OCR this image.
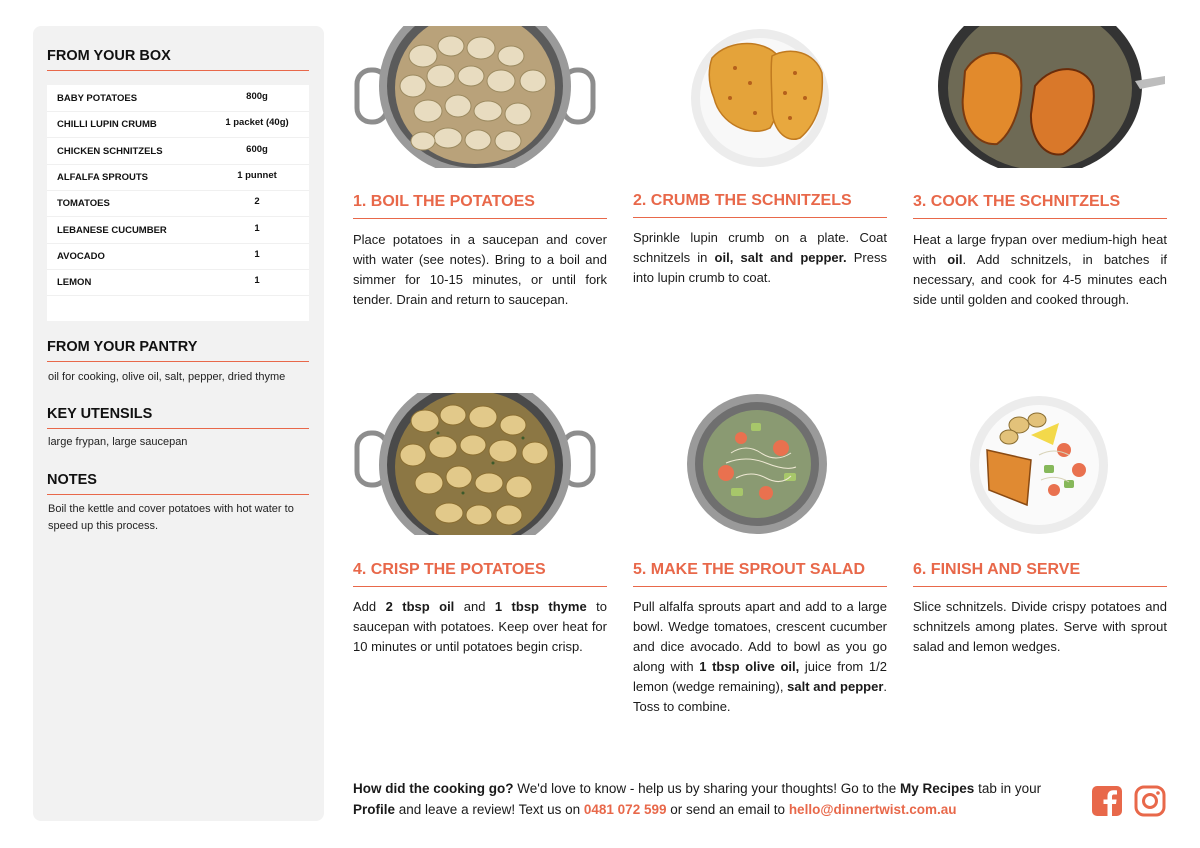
FROM YOUR BOX
BABY POTATOES	800g
CHILLI LUPIN CRUMB	1 packet (40g)
CHICKEN SCHNITZELS	600g
ALFALFA SPROUTS	1 punnet
TOMATOES	2
LEBANESE CUCUMBER	1
AVOCADO	1
LEMON	1
FROM YOUR PANTRY
oil for cooking, olive oil, salt, pepper, dried thyme
KEY UTENSILS
large frypan, large saucepan
NOTES
Boil the kettle and cover potatoes with hot water to speed up this process.
1. BOIL THE POTATOES
Place potatoes in a saucepan and cover with water (see notes). Bring to a boil and simmer for 10-15 minutes, or until fork tender. Drain and return to saucepan.
2. CRUMB THE SCHNITZELS
Sprinkle lupin crumb on a plate. Coat schnitzels in oil, salt and pepper. Press into lupin crumb to coat.
3. COOK THE SCHNITZELS
Heat a large frypan over medium-high heat with oil. Add schnitzels, in batches if necessary, and cook for 4-5 minutes each side until golden and cooked through.
4. CRISP THE POTATOES
Add 2 tbsp oil and 1 tbsp thyme to saucepan with potatoes. Keep over heat for 10 minutes or until potatoes begin crisp.
5. MAKE THE SPROUT SALAD
Pull alfalfa sprouts apart and add to a large bowl. Wedge tomatoes, crescent cucumber and dice avocado. Add to bowl as you go along with 1 tbsp olive oil, juice from 1/2 lemon (wedge remaining), salt and pepper. Toss to combine.
6. FINISH AND SERVE
Slice schnitzels. Divide crispy potatoes and schnitzels among plates. Serve with sprout salad and lemon wedges.
How did the cooking go? We'd love to know - help us by sharing your thoughts! Go to the My Recipes tab in your Profile and leave a review! Text us on 0481 072 599 or send an email to hello@dinnertwist.com.au
